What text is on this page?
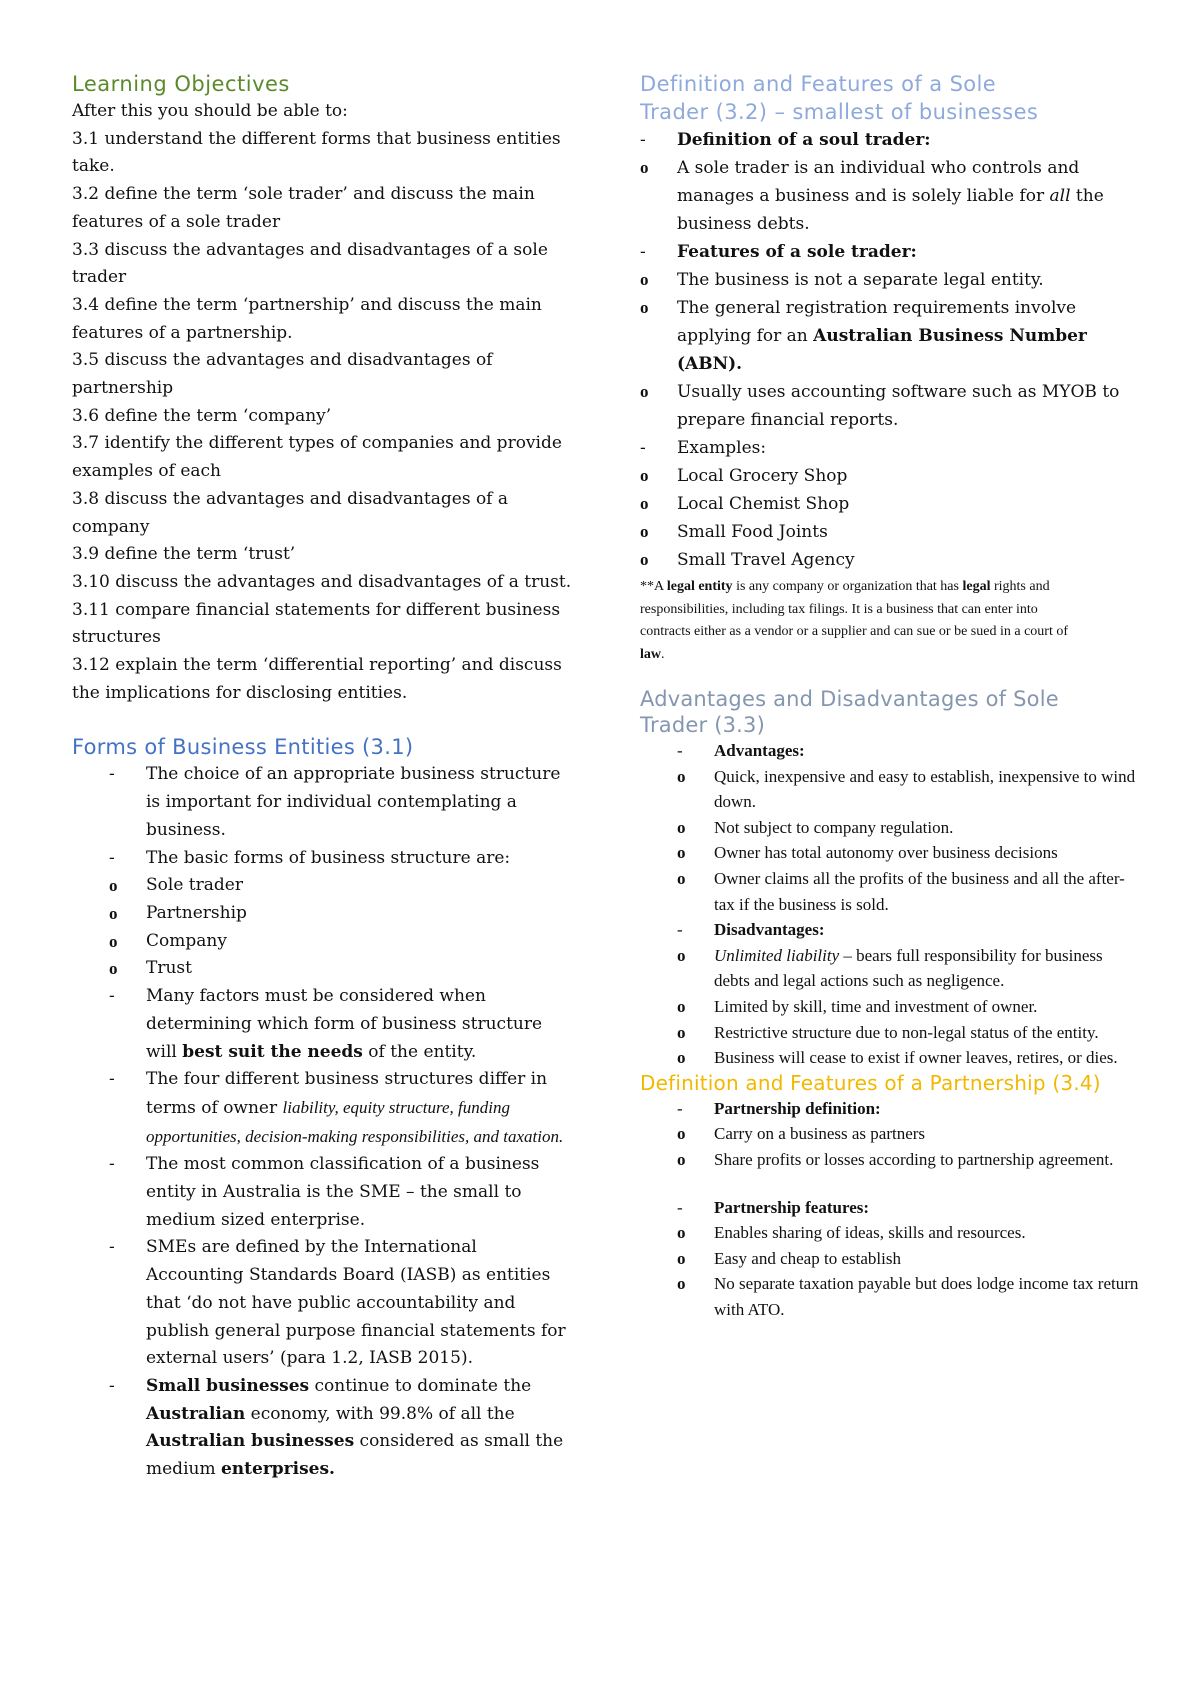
Learning Objectives
After this you should be able to:
3.1 understand the different forms that business entities take.
3.2 define the term ‘sole trader’ and discuss the main features of a sole trader
3.3 discuss the advantages and disadvantages of a sole trader
3.4 define the term ‘partnership’ and discuss the main features of a partnership.
3.5 discuss the advantages and disadvantages of partnership
3.6 define the term ‘company’
3.7 identify the different types of companies and provide examples of each
3.8 discuss the advantages and disadvantages of a company
3.9 define the term ‘trust’
3.10 discuss the advantages and disadvantages of a trust.
3.11 compare financial statements for different business structures
3.12 explain the term ‘differential reporting’ and discuss the implications for disclosing entities.
Forms of Business Entities (3.1)
- The choice of an appropriate business structure is important for individual contemplating a business.
- The basic forms of business structure are:
o Sole trader
o Partnership
o Company
o Trust
- Many factors must be considered when determining which form of business structure will best suit the needs of the entity.
- The four different business structures differ in terms of owner liability, equity structure, funding opportunities, decision-making responsibilities, and taxation.
- The most common classification of a business entity in Australia is the SME – the small to medium sized enterprise.
- SMEs are defined by the International Accounting Standards Board (IASB) as entities that ‘do not have public accountability and publish general purpose financial statements for external users’ (para 1.2, IASB 2015).
- Small businesses continue to dominate the Australian economy, with 99.8% of all the Australian businesses considered as small the medium enterprises.
Definition and Features of a Sole Trader (3.2) – smallest of businesses
- Definition of a soul trader:
o A sole trader is an individual who controls and manages a business and is solely liable for all the business debts.
- Features of a sole trader:
o The business is not a separate legal entity.
o The general registration requirements involve applying for an Australian Business Number (ABN).
o Usually uses accounting software such as MYOB to prepare financial reports.
- Examples:
o Local Grocery Shop
o Local Chemist Shop
o Small Food Joints
o Small Travel Agency
**A legal entity is any company or organization that has legal rights and responsibilities, including tax filings. It is a business that can enter into contracts either as a vendor or a supplier and can sue or be sued in a court of law.
Advantages and Disadvantages of Sole Trader (3.3)
- Advantages:
o Quick, inexpensive and easy to establish, inexpensive to wind down.
o Not subject to company regulation.
o Owner has total autonomy over business decisions
o Owner claims all the profits of the business and all the after-tax if the business is sold.
- Disadvantages:
o Unlimited liability – bears full responsibility for business debts and legal actions such as negligence.
o Limited by skill, time and investment of owner.
o Restrictive structure due to non-legal status of the entity.
o Business will cease to exist if owner leaves, retires, or dies.
Definition and Features of a Partnership (3.4)
- Partnership definition:
o Carry on a business as partners
o Share profits or losses according to partnership agreement.
- Partnership features:
o Enables sharing of ideas, skills and resources.
o Easy and cheap to establish
o No separate taxation payable but does lodge income tax return with ATO.
